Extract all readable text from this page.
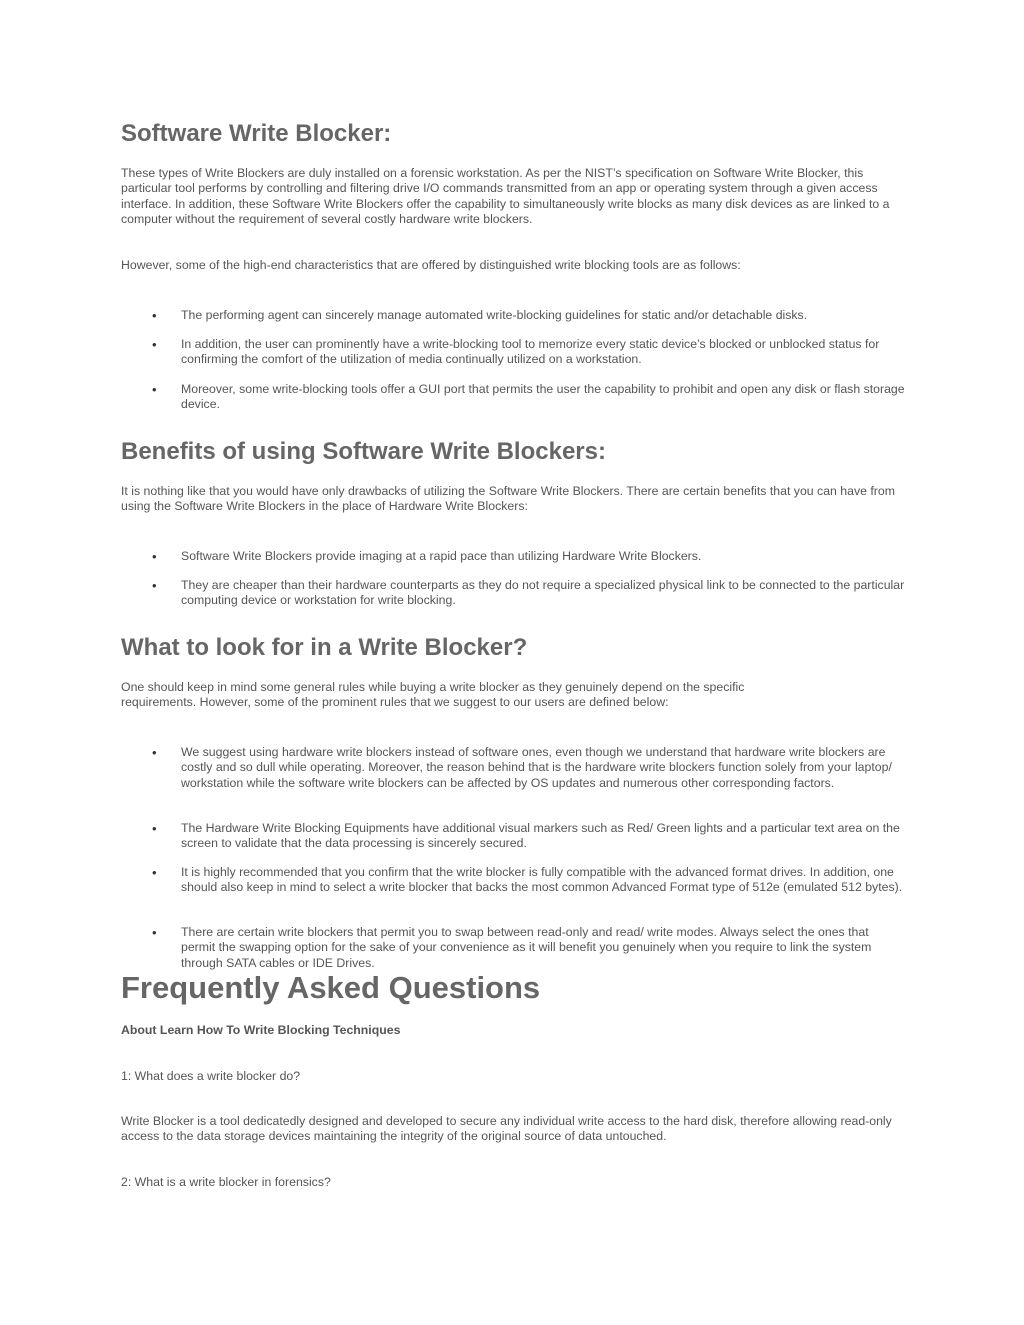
Software Write Blocker:

These types of Write Blockers are duly installed on a forensic workstation. As per the NIST’s specification on Software Write Blocker, this particular tool performs by controlling and filtering drive I/O commands transmitted from an app or operating system through a given access interface. In addition, these Software Write Blockers offer the capability to simultaneously write blocks as many disk devices as are linked to a computer without the requirement of several costly hardware write blockers.

However, some of the high-end characteristics that are offered by distinguished write blocking tools are as follows:

• The performing agent can sincerely manage automated write-blocking guidelines for static and/or detachable disks.
• In addition, the user can prominently have a write-blocking tool to memorize every static device’s blocked or unblocked status for confirming the comfort of the utilization of media continually utilized on a workstation.
• Moreover, some write-blocking tools offer a GUI port that permits the user the capability to prohibit and open any disk or flash storage device.
Benefits of using Software Write Blockers:

It is nothing like that you would have only drawbacks of utilizing the Software Write Blockers. There are certain benefits that you can have from using the Software Write Blockers in the place of Hardware Write Blockers:

• Software Write Blockers provide imaging at a rapid pace than utilizing Hardware Write Blockers.
• They are cheaper than their hardware counterparts as they do not require a specialized physical link to be connected to the particular computing device or workstation for write blocking.
What to look for in a Write Blocker?

One should keep in mind some general rules while buying a write blocker as they genuinely depend on the specific requirements. However, some of the prominent rules that we suggest to our users are defined below:

• We suggest using hardware write blockers instead of software ones, even though we understand that hardware write blockers are costly and so dull while operating. Moreover, the reason behind that is the hardware write blockers function solely from your laptop/ workstation while the software write blockers can be affected by OS updates and numerous other corresponding factors.
• The Hardware Write Blocking Equipments have additional visual markers such as Red/ Green lights and a particular text area on the screen to validate that the data processing is sincerely secured.
• It is highly recommended that you confirm that the write blocker is fully compatible with the advanced format drives. In addition, one should also keep in mind to select a write blocker that backs the most common Advanced Format type of 512e (emulated 512 bytes).
• There are certain write blockers that permit you to swap between read-only and read/ write modes. Always select the ones that permit the swapping option for the sake of your convenience as it will benefit you genuinely when you require to link the system through SATA cables or IDE Drives.
Frequently Asked Questions

About Learn How To Write Blocking Techniques

1: What does a write blocker do?

Write Blocker is a tool dedicatedly designed and developed to secure any individual write access to the hard disk, therefore allowing read-only access to the data storage devices maintaining the integrity of the original source of data untouched.

2: What is a write blocker in forensics?
